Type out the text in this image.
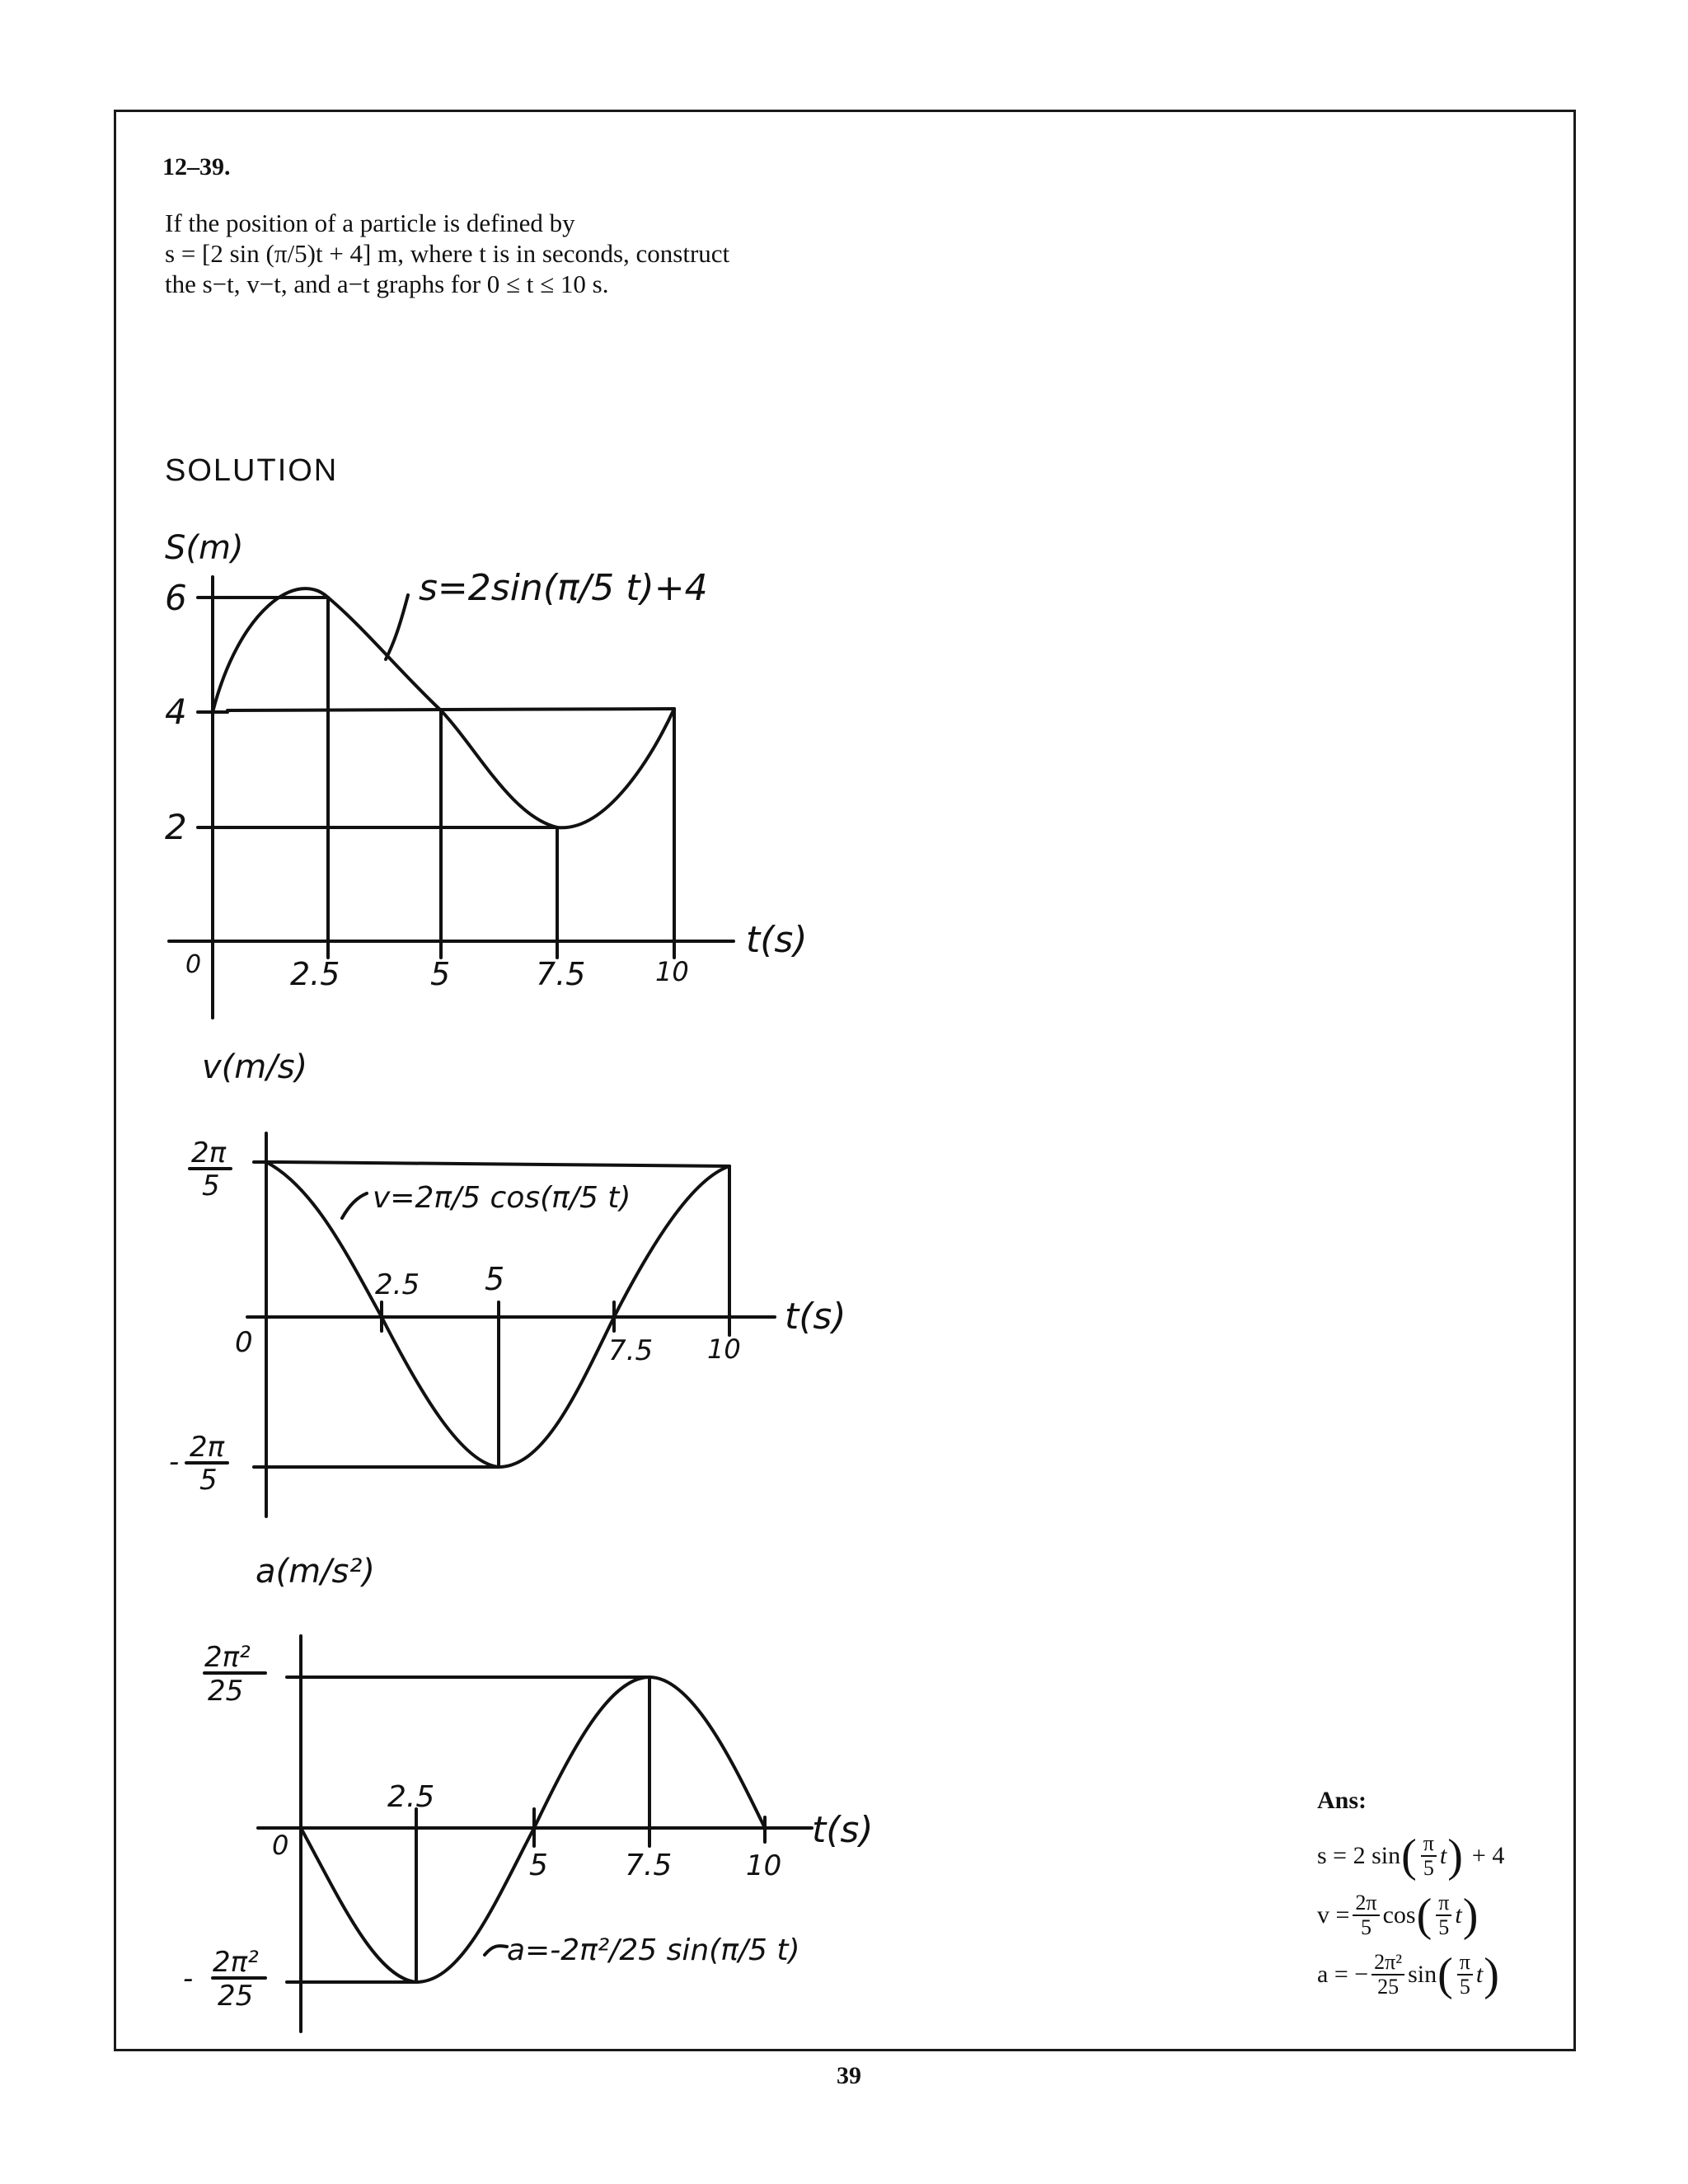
12–39.

If the position of a particle is defined by

s = [2 sin (π/5)t + 4] m, where t is in seconds, construct

the s−t, v−t, and a−t graphs for 0 ≤ t ≤ 10 s.

SOLUTION
S(m)
6
4
2
0	2.5	5	7.5	10
t(s)
s=2sin(π/5 t)+4
v(m/s)
2π
5
- 2π
5
0
2.5 5
7.5 10
t(s)
v=2π/5 cos(π/5 t)
a(m/s²)
2π²
25
- 2π²
25
0
2.5
5	7.5	10
t(s)
a=-2π²/25 sin(π/5 t)
Ans:
s = 2 sin ( $\frac{\pi}{5}$ t ) + 4
$v = \frac{2\pi}{5}$ cos ( $\frac{\pi}{5}$ t )
a = − $\frac{\text{2π²}}{25}$ sin ( $\frac{\pi}{5}$ t )
39
